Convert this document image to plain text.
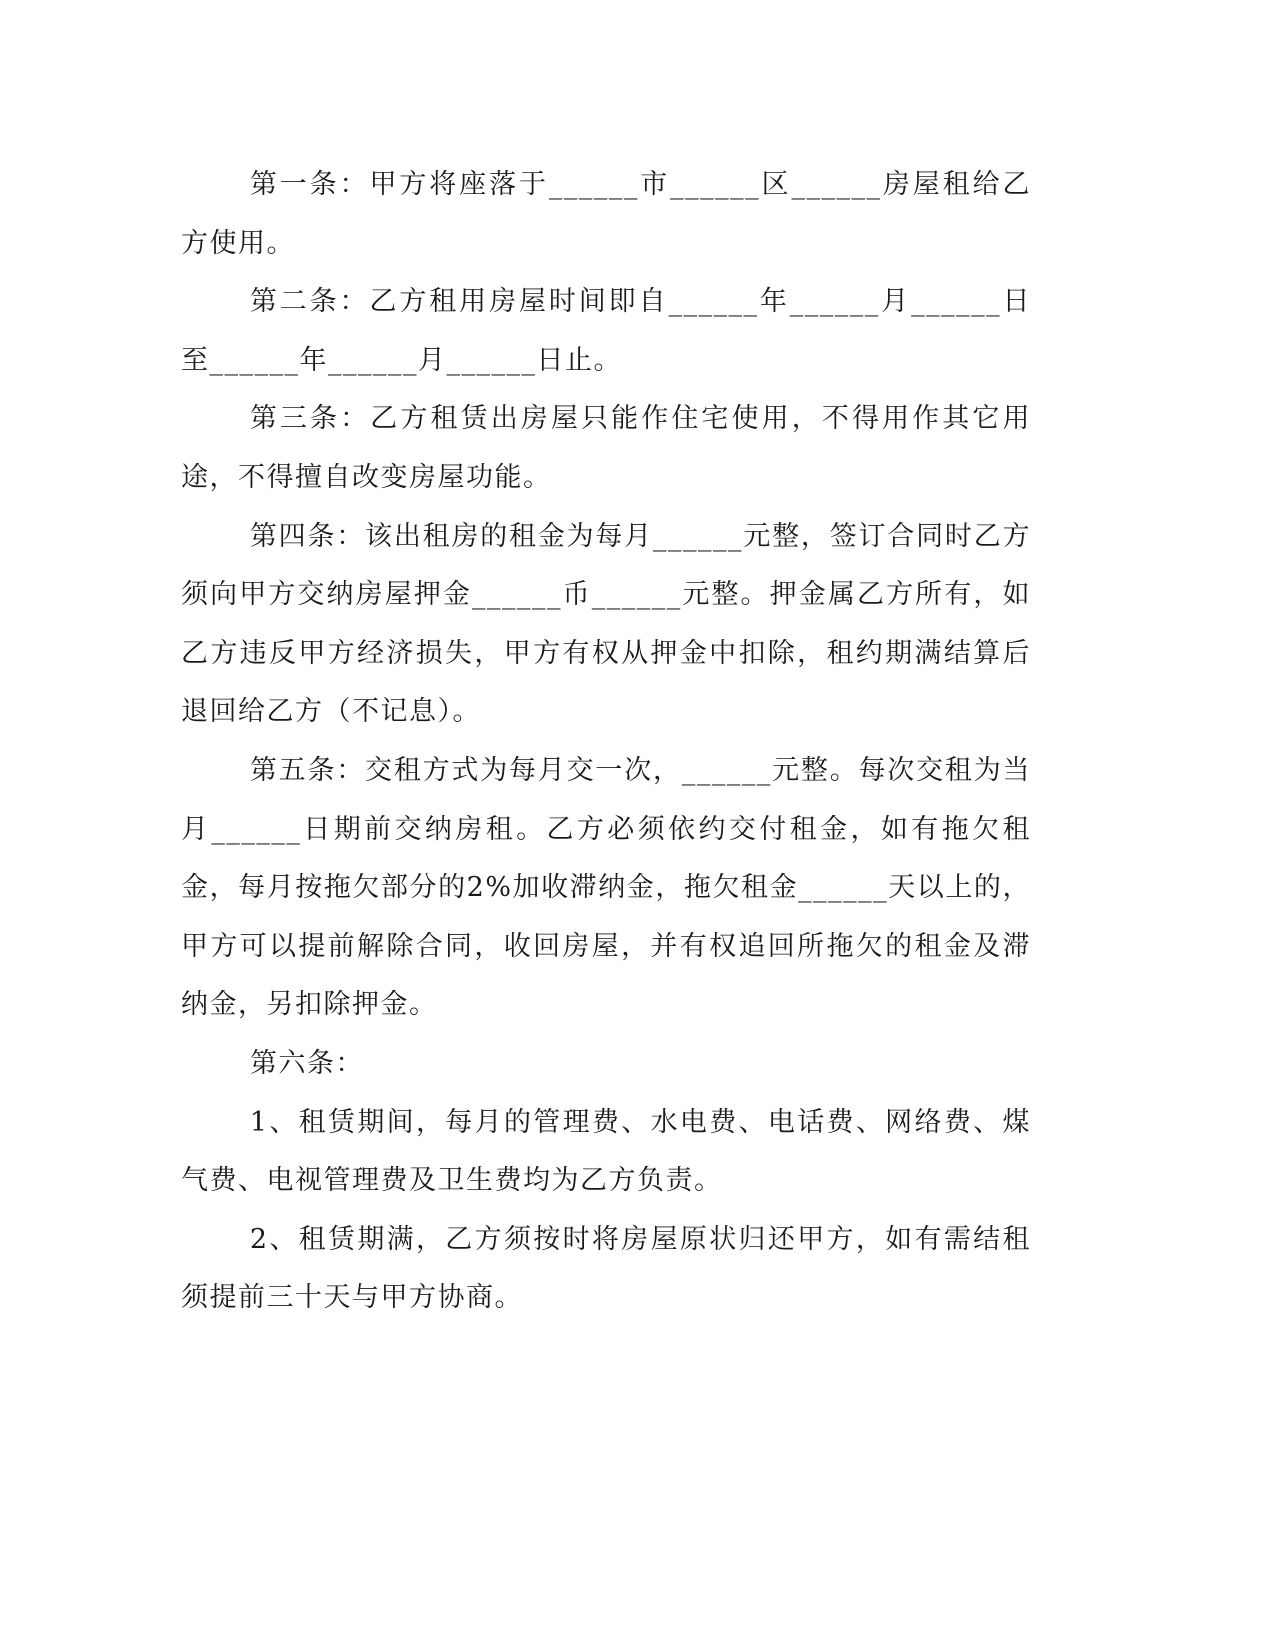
第一条：甲方将座落于______市______区______房屋租给乙方使用。

第二条：乙方租用房屋时间即自______年______月______日至______年______月______日止。

第三条：乙方租赁出房屋只能作住宅使用，不得用作其它用途，不得擅自改变房屋功能。

第四条：该出租房的租金为每月______元整，签订合同时乙方须向甲方交纳房屋押金______币______元整。押金属乙方所有，如乙方违反甲方经济损失，甲方有权从押金中扣除，租约期满结算后退回给乙方（不记息）。

第五条：交租方式为每月交一次，______元整。每次交租为当月______日期前交纳房租。乙方必须依约交付租金，如有拖欠租金，每月按拖欠部分的2%加收滞纳金，拖欠租金______天以上的，甲方可以提前解除合同，收回房屋，并有权追回所拖欠的租金及滞纳金，另扣除押金。

第六条：

1、租赁期间，每月的管理费、水电费、电话费、网络费、煤气费、电视管理费及卫生费均为乙方负责。

2、租赁期满，乙方须按时将房屋原状归还甲方，如有需结租须提前三十天与甲方协商。
